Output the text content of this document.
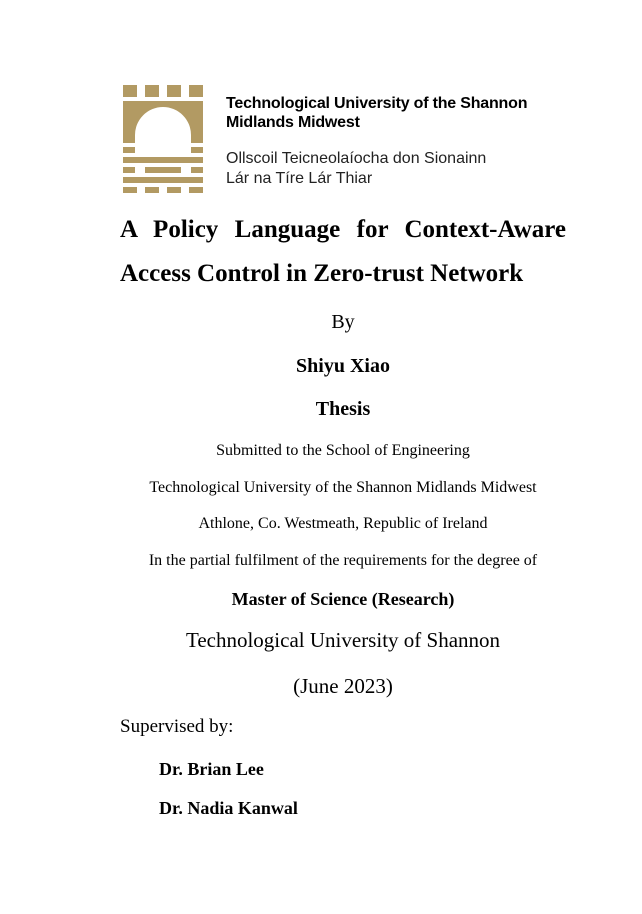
Technological University of the Shannon
Midlands Midwest
Ollscoil Teicneolaíocha don Sionainn
Lár na Tíre Lár Thiar
A Policy Language for Context-Aware
Access Control in Zero-trust Network
By
Shiyu Xiao
Thesis
Submitted to the School of Engineering
Technological University of the Shannon Midlands Midwest
Athlone, Co. Westmeath, Republic of Ireland
In the partial fulfilment of the requirements for the degree of
Master of Science (Research)
Technological University of Shannon
(June 2023)
Supervised by:
Dr. Brian Lee
Dr. Nadia Kanwal
